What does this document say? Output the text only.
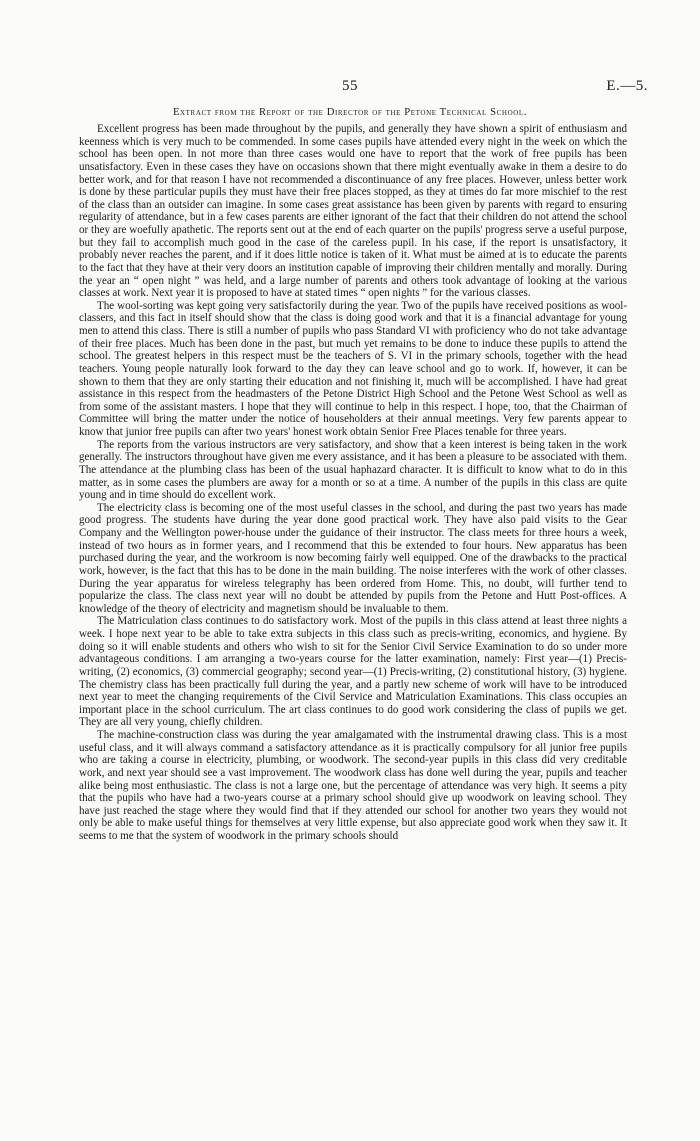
55	E.—5.
Extract from the Report of the Director of the Petone Technical School.

Excellent progress has been made throughout by the pupils, and generally they have shown a spirit of enthusiasm and keenness which is very much to be commended. In some cases pupils have attended every night in the week on which the school has been open. In not more than three cases would one have to report that the work of free pupils has been unsatisfactory. Even in these cases they have on occasions shown that there might eventually awake in them a desire to do better work, and for that reason I have not recommended a discontinuance of any free places. However, unless better work is done by these particular pupils they must have their free places stopped, as they at times do far more mischief to the rest of the class than an outsider can imagine. In some cases great assistance has been given by parents with regard to ensuring regularity of attendance, but in a few cases parents are either ignorant of the fact that their children do not attend the school or they are woefully apathetic. The reports sent out at the end of each quarter on the pupils' progress serve a useful purpose, but they fail to accomplish much good in the case of the careless pupil. In his case, if the report is unsatisfactory, it probably never reaches the parent, and if it does little notice is taken of it. What must be aimed at is to educate the parents to the fact that they have at their very doors an institution capable of improving their children mentally and morally. During the year an “ open night ” was held, and a large number of parents and others took advantage of looking at the various classes at work. Next year it is proposed to have at stated times “ open nights ” for the various classes.

The wool-sorting was kept going very satisfactorily during the year. Two of the pupils have received positions as wool-classers, and this fact in itself should show that the class is doing good work and that it is a financial advantage for young men to attend this class. There is still a number of pupils who pass Standard VI with proficiency who do not take advantage of their free places. Much has been done in the past, but much yet remains to be done to induce these pupils to attend the school. The greatest helpers in this respect must be the teachers of S. VI in the primary schools, together with the head teachers. Young people naturally look forward to the day they can leave school and go to work. If, however, it can be shown to them that they are only starting their education and not finishing it, much will be accomplished. I have had great assistance in this respect from the headmasters of the Petone District High School and the Petone West School as well as from some of the assistant masters. I hope that they will continue to help in this respect. I hope, too, that the Chairman of Committee will bring the matter under the notice of householders at their annual meetings. Very few parents appear to know that junior free pupils can after two years' honest work obtain Senior Free Places tenable for three years.

The reports from the various instructors are very satisfactory, and show that a keen interest is being taken in the work generally. The instructors throughout have given me every assistance, and it has been a pleasure to be associated with them. The attendance at the plumbing class has been of the usual haphazard character. It is difficult to know what to do in this matter, as in some cases the plumbers are away for a month or so at a time. A number of the pupils in this class are quite young and in time should do excellent work.

The electricity class is becoming one of the most useful classes in the school, and during the past two years has made good progress. The students have during the year done good practical work. They have also paid visits to the Gear Company and the Wellington power-house under the guidance of their instructor. The class meets for three hours a week, instead of two hours as in former years, and I recommend that this be extended to four hours. New apparatus has been purchased during the year, and the workroom is now becoming fairly well equipped. One of the drawbacks to the practical work, however, is the fact that this has to be done in the main building. The noise interferes with the work of other classes. During the year apparatus for wireless telegraphy has been ordered from Home. This, no doubt, will further tend to popularize the class. The class next year will no doubt be attended by pupils from the Petone and Hutt Post-offices. A knowledge of the theory of electricity and magnetism should be invaluable to them.

The Matriculation class continues to do satisfactory work. Most of the pupils in this class attend at least three nights a week. I hope next year to be able to take extra subjects in this class such as precis-writing, economics, and hygiene. By doing so it will enable students and others who wish to sit for the Senior Civil Service Examination to do so under more advantageous conditions. I am arranging a two-years course for the latter examination, namely: First year—(1) Precis-writing, (2) economics, (3) commercial geography; second year—(1) Precis-writing, (2) constitutional history, (3) hygiene. The chemistry class has been practically full during the year, and a partly new scheme of work will have to be introduced next year to meet the changing requirements of the Civil Service and Matriculation Examinations. This class occupies an important place in the school curriculum. The art class continues to do good work considering the class of pupils we get. They are all very young, chiefly children.

The machine-construction class was during the year amalgamated with the instrumental drawing class. This is a most useful class, and it will always command a satisfactory attendance as it is practically compulsory for all junior free pupils who are taking a course in electricity, plumbing, or woodwork. The second-year pupils in this class did very creditable work, and next year should see a vast improvement. The woodwork class has done well during the year, pupils and teacher alike being most enthusiastic. The class is not a large one, but the percentage of attendance was very high. It seems a pity that the pupils who have had a two-years course at a primary school should give up woodwork on leaving school. They have just reached the stage where they would find that if they attended our school for another two years they would not only be able to make useful things for themselves at very little expense, but also appreciate good work when they saw it. It seems to me that the system of woodwork in the primary schools should
